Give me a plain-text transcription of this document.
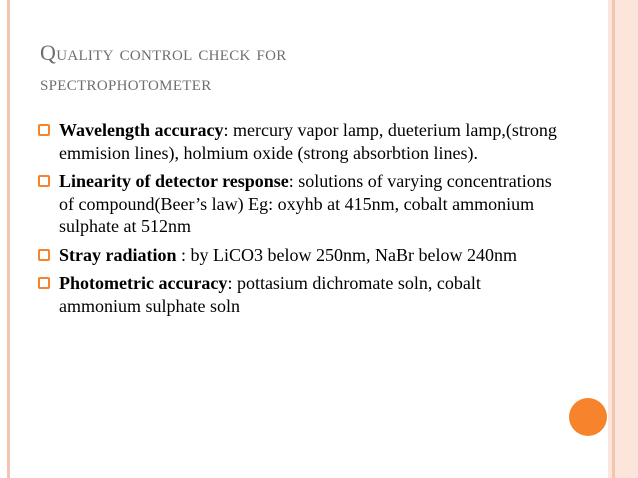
Quality control check for
spectrophotometer
Wavelength accuracy: mercury vapor lamp, dueterium lamp,(strong emmision lines), holmium oxide (strong absorbtion lines).
Linearity of detector response: solutions of varying concentrations of compound(Beer’s law) Eg: oxyhb at 415nm, cobalt ammonium sulphate at 512nm
Stray radiation : by LiCO3 below 250nm, NaBr below 240nm
Photometric accuracy: pottasium dichromate soln, cobalt ammonium sulphate soln
